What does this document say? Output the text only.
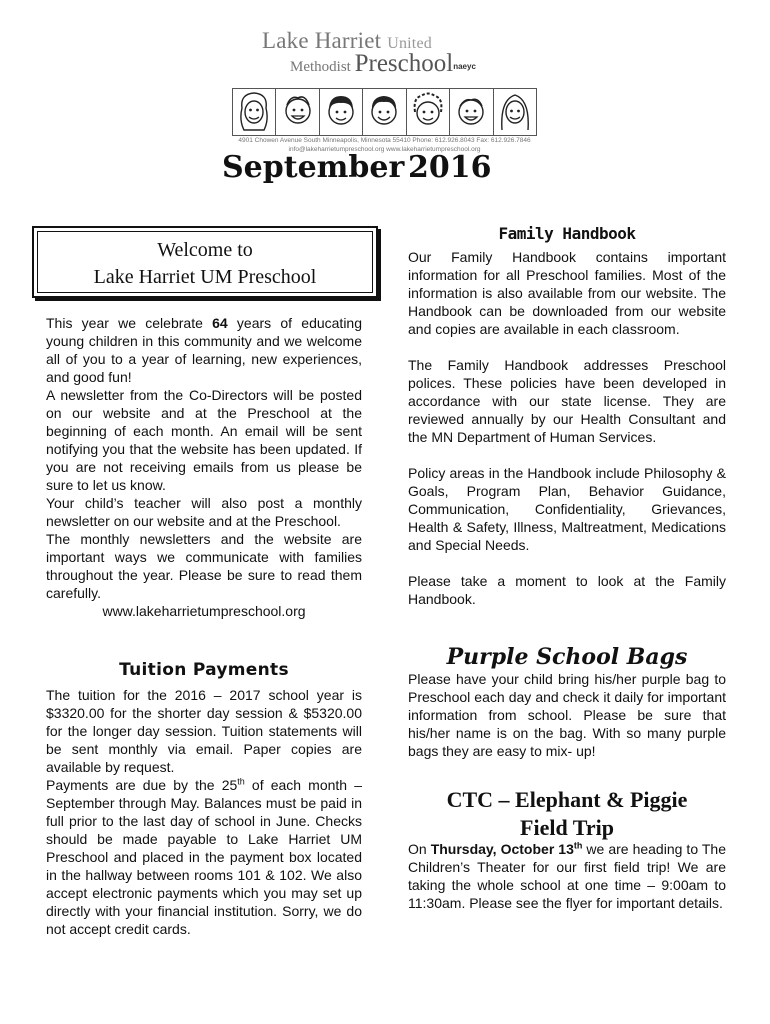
Lake Harriet United
Methodist Preschoolnaeyc
4901 Chowen Avenue South Minneapolis, Minnesota 55410 Phone: 612.926.8043 Fax: 612.926.7846
info@lakeharrietumpreschool.org www.lakeharrietumpreschool.org
September 2016
Welcome to
Lake Harriet UM Preschool

This year we celebrate 64 years of educating young children in this community and we welcome all of you to a year of learning, new experiences, and good fun!

A newsletter from the Co-Directors will be posted on our website and at the Preschool at the beginning of each month. An email will be sent notifying you that the website has been updated. If you are not receiving emails from us please be sure to let us know.

Your child’s teacher will also post a monthly newsletter on our website and at the Preschool.

The monthly newsletters and the website are important ways we communicate with families throughout the year. Please be sure to read them carefully.

www.lakeharrietumpreschool.org

Tuition Payments

The tuition for the 2016 – 2017 school year is $3320.00 for the shorter day session & $5320.00 for the longer day session. Tuition statements will be sent monthly via email. Paper copies are available by request.

Payments are due by the 25th of each month – September through May. Balances must be paid in full prior to the last day of school in June. Checks should be made payable to Lake Harriet UM Preschool and placed in the payment box located in the hallway between rooms 101 & 102. We also accept electronic payments which you may set up directly with your financial institution. Sorry, we do not accept credit cards.

Family Handbook

Our Family Handbook contains important information for all Preschool families. Most of the information is also available from our website. The Handbook can be downloaded from our website and copies are available in each classroom.

The Family Handbook addresses Preschool polices. These policies have been developed in accordance with our state license. They are reviewed annually by our Health Consultant and the MN Department of Human Services.

Policy areas in the Handbook include Philosophy & Goals, Program Plan, Behavior Guidance, Communication, Confidentiality, Grievances, Health & Safety, Illness, Maltreatment, Medications and Special Needs.

Please take a moment to look at the Family Handbook.

Purple School Bags

Please have your child bring his/her purple bag to Preschool each day and check it daily for important information from school. Please be sure that his/her name is on the bag. With so many purple bags they are easy to mix- up!

CTC – Elephant & Piggie
Field Trip

On Thursday, October 13th we are heading to The Children’s Theater for our first field trip! We are taking the whole school at one time – 9:00am to 11:30am. Please see the flyer for important details.
